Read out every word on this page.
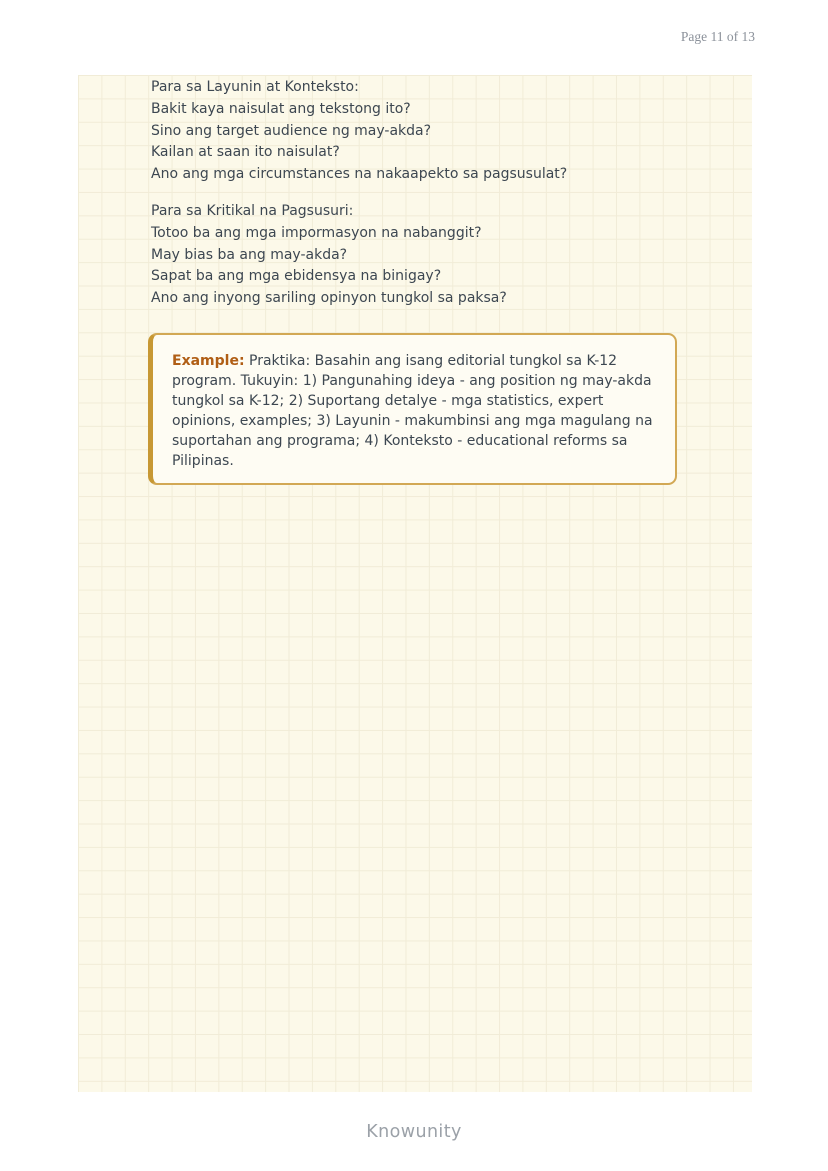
Page 11 of 13
Para sa Layunin at Konteksto:
Bakit kaya naisulat ang tekstong ito?
Sino ang target audience ng may-akda?
Kailan at saan ito naisulat?
Ano ang mga circumstances na nakaapekto sa pagsusulat?
Para sa Kritikal na Pagsusuri:
Totoo ba ang mga impormasyon na nabanggit?
May bias ba ang may-akda?
Sapat ba ang mga ebidensya na binigay?
Ano ang inyong sariling opinyon tungkol sa paksa?

Example: Praktika: Basahin ang isang editorial tungkol sa K-12 program. Tukuyin: 1) Pangunahing ideya - ang position ng may-akda tungkol sa K-12; 2) Suportang detalye - mga statistics, expert opinions, examples; 3) Layunin - makumbinsi ang mga magulang na suportahan ang programa; 4) Konteksto - educational reforms sa Pilipinas.

Knowunity
